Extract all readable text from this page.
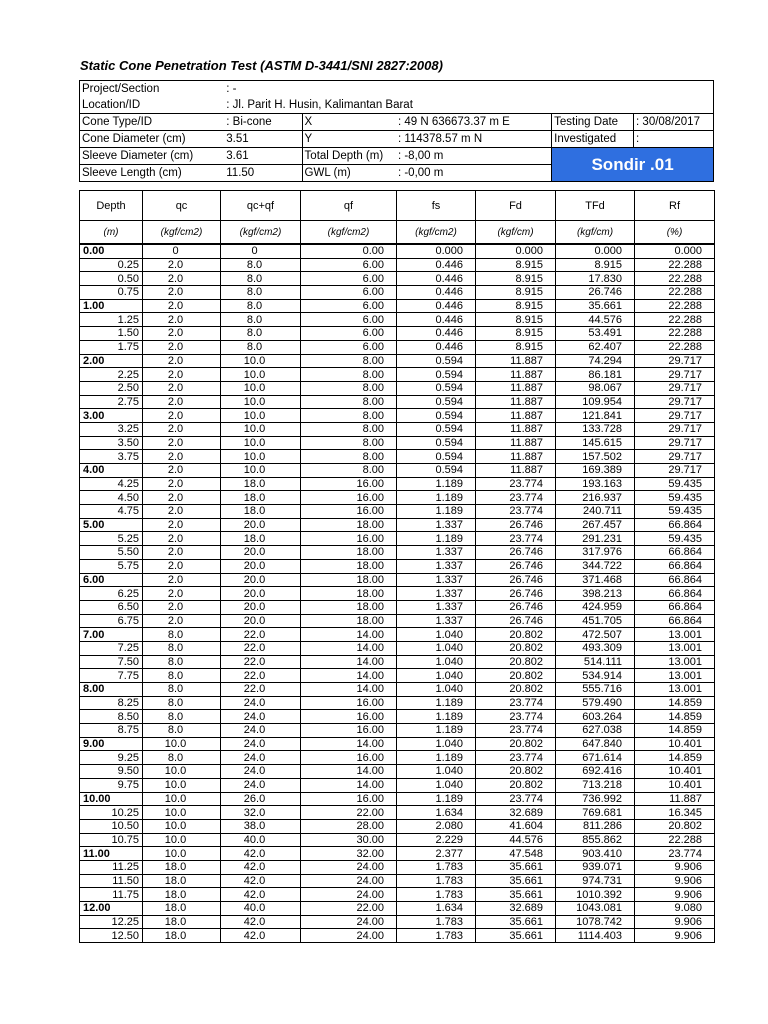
Static Cone Penetration Test (ASTM D-3441/SNI 2827:2008)
Project/Section	: -				
Location/ID	: Jl. Parit H. Husin, Kalimantan Barat				
Cone Type/ID	: Bi-cone	X	: 49 N 636673.37 m E	Testing Date	: 30/08/2017
Cone Diameter (cm)	3.51	Y	: 114378.57 m N	Investigated	:
Sleeve Diameter (cm)	3.61	Total Depth (m)	: -8,00 m	Sondir .01	
Sleeve Length (cm)	11.50	GWL (m)	: -0,00 m		
Depth	qc	qc+qf	qf	fs	Fd	TFd	Rf
(m)	(kgf/cm2)	(kgf/cm2)	(kgf/cm2)	(kgf/cm2)	(kgf/cm)	(kgf/cm)	(%)
0.00	0	0	0.00	0.000	0.000	0.000	0.000
0.25	2.0	8.0	6.00	0.446	8.915	8.915	22.288
0.50	2.0	8.0	6.00	0.446	8.915	17.830	22.288
0.75	2.0	8.0	6.00	0.446	8.915	26.746	22.288
1.00	2.0	8.0	6.00	0.446	8.915	35.661	22.288
1.25	2.0	8.0	6.00	0.446	8.915	44.576	22.288
1.50	2.0	8.0	6.00	0.446	8.915	53.491	22.288
1.75	2.0	8.0	6.00	0.446	8.915	62.407	22.288
2.00	2.0	10.0	8.00	0.594	11.887	74.294	29.717
2.25	2.0	10.0	8.00	0.594	11.887	86.181	29.717
2.50	2.0	10.0	8.00	0.594	11.887	98.067	29.717
2.75	2.0	10.0	8.00	0.594	11.887	109.954	29.717
3.00	2.0	10.0	8.00	0.594	11.887	121.841	29.717
3.25	2.0	10.0	8.00	0.594	11.887	133.728	29.717
3.50	2.0	10.0	8.00	0.594	11.887	145.615	29.717
3.75	2.0	10.0	8.00	0.594	11.887	157.502	29.717
4.00	2.0	10.0	8.00	0.594	11.887	169.389	29.717
4.25	2.0	18.0	16.00	1.189	23.774	193.163	59.435
4.50	2.0	18.0	16.00	1.189	23.774	216.937	59.435
4.75	2.0	18.0	16.00	1.189	23.774	240.711	59.435
5.00	2.0	20.0	18.00	1.337	26.746	267.457	66.864
5.25	2.0	18.0	16.00	1.189	23.774	291.231	59.435
5.50	2.0	20.0	18.00	1.337	26.746	317.976	66.864
5.75	2.0	20.0	18.00	1.337	26.746	344.722	66.864
6.00	2.0	20.0	18.00	1.337	26.746	371.468	66.864
6.25	2.0	20.0	18.00	1.337	26.746	398.213	66.864
6.50	2.0	20.0	18.00	1.337	26.746	424.959	66.864
6.75	2.0	20.0	18.00	1.337	26.746	451.705	66.864
7.00	8.0	22.0	14.00	1.040	20.802	472.507	13.001
7.25	8.0	22.0	14.00	1.040	20.802	493.309	13.001
7.50	8.0	22.0	14.00	1.040	20.802	514.111	13.001
7.75	8.0	22.0	14.00	1.040	20.802	534.914	13.001
8.00	8.0	22.0	14.00	1.040	20.802	555.716	13.001
8.25	8.0	24.0	16.00	1.189	23.774	579.490	14.859
8.50	8.0	24.0	16.00	1.189	23.774	603.264	14.859
8.75	8.0	24.0	16.00	1.189	23.774	627.038	14.859
9.00	10.0	24.0	14.00	1.040	20.802	647.840	10.401
9.25	8.0	24.0	16.00	1.189	23.774	671.614	14.859
9.50	10.0	24.0	14.00	1.040	20.802	692.416	10.401
9.75	10.0	24.0	14.00	1.040	20.802	713.218	10.401
10.00	10.0	26.0	16.00	1.189	23.774	736.992	11.887
10.25	10.0	32.0	22.00	1.634	32.689	769.681	16.345
10.50	10.0	38.0	28.00	2.080	41.604	811.286	20.802
10.75	10.0	40.0	30.00	2.229	44.576	855.862	22.288
11.00	10.0	42.0	32.00	2.377	47.548	903.410	23.774
11.25	18.0	42.0	24.00	1.783	35.661	939.071	9.906
11.50	18.0	42.0	24.00	1.783	35.661	974.731	9.906
11.75	18.0	42.0	24.00	1.783	35.661	1010.392	9.906
12.00	18.0	40.0	22.00	1.634	32.689	1043.081	9.080
12.25	18.0	42.0	24.00	1.783	35.661	1078.742	9.906
12.50	18.0	42.0	24.00	1.783	35.661	1114.403	9.906
